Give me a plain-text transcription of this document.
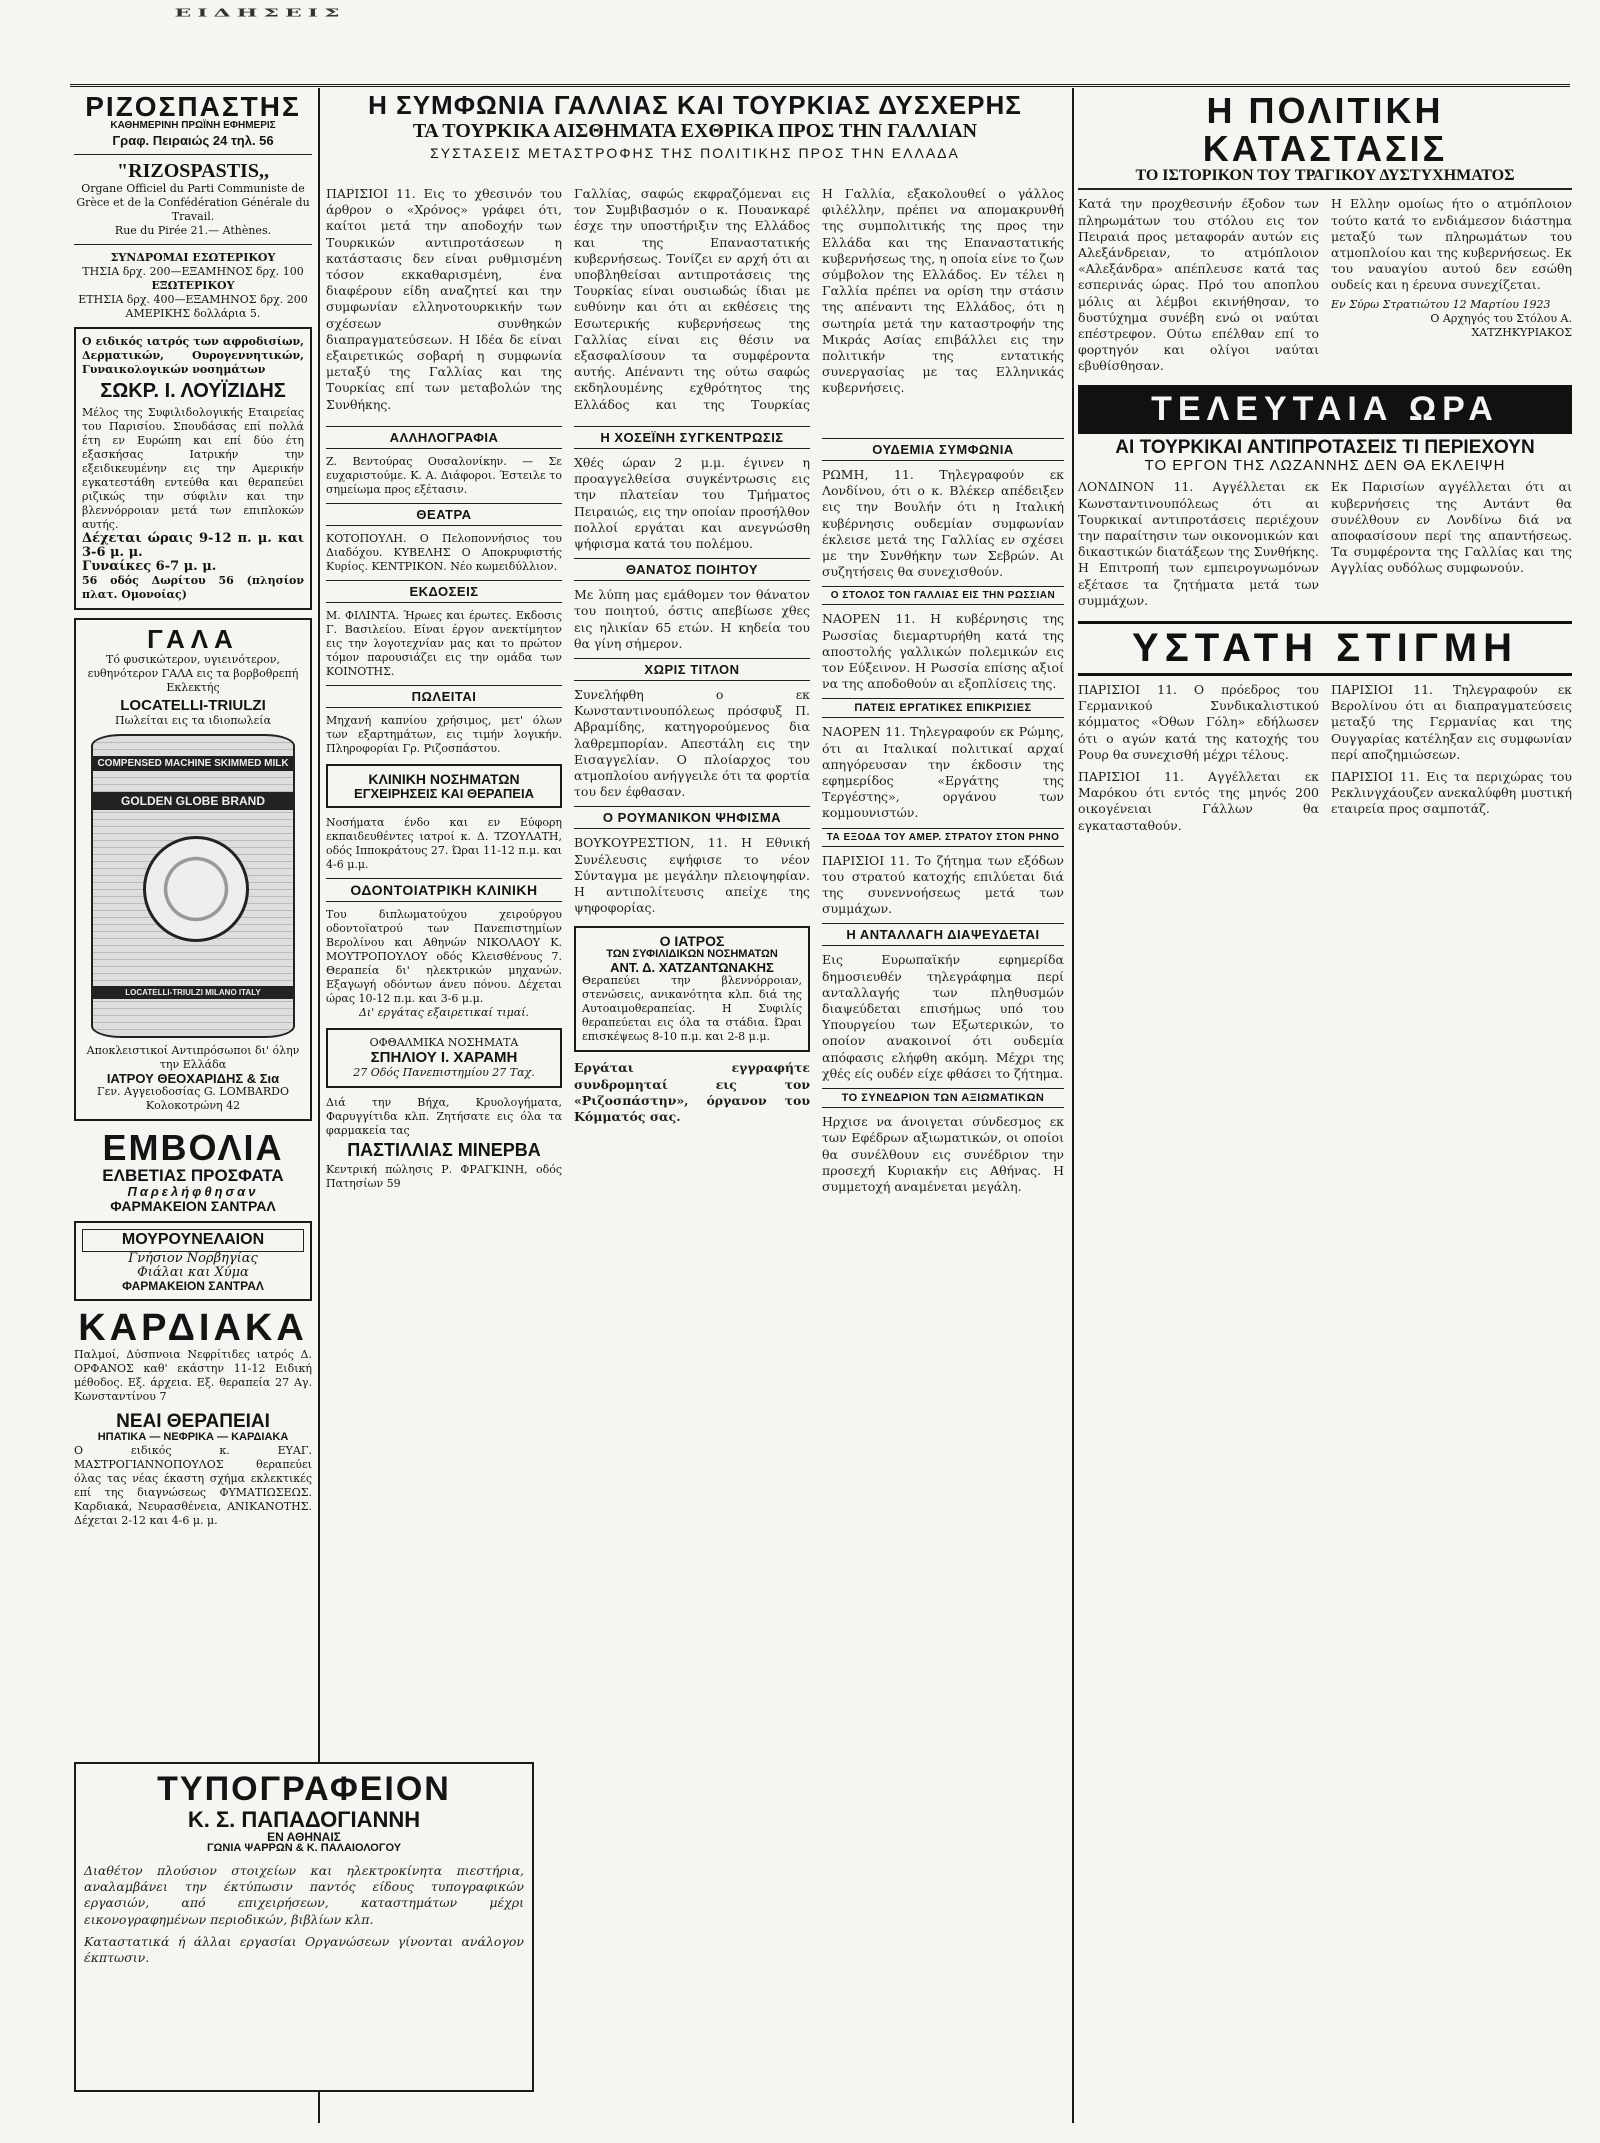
ΕΙΔΗΣΕΙΣ
ΡΙΖΟΣΠΑΣΤΗΣ
ΚΑΘΗΜΕΡΙΝΗ ΠΡΩΪΝΗ ΕΦΗΜΕΡΙΣ
Γραφ. Πειραιώς 24 τηλ. 56
"RIZOSPASTIS,,
Organe Officiel du Parti Communiste de Grèce et de la Confédération Générale du Travail.
Rue du Pirée 21.— Athènes.
ΣΥΝΔΡΟΜΑΙ ΕΣΩΤΕΡΙΚΟΥ
ΤΗΣΙΑ δρχ. 200—ΕΞΑΜΗΝΟΣ δρχ. 100
ΕΞΩΤΕΡΙΚΟΥ
ΕΤΗΣΙΑ δρχ. 400—ΕΞΑΜΗΝΟΣ δρχ. 200
ΑΜΕΡΙΚΗΣ δολλάρια 5.
Ο ειδικός ιατρός των αφροδισίων, Δερματικών, Ουρογεννητικών, Γυναικολογικών νοσημάτων
ΣΩΚΡ. Ι. ΛΟΥΪΖΙΔΗΣ
Μέλος της Συφιλιδολογικής Εταιρείας του Παρισίου. Σπουδάσας επί πολλά έτη εν Ευρώπη και επί δύο έτη εξασκήσας Ιατρικήν την εξειδικευμένην εις την Αμερικήν εγκατεστάθη εντεύθα και θεραπεύει ριζικώς την σύφιλιν και την βλεννόρροιαν μετά των επιπλοκών αυτής.
Δέχεται ώραις 9-12 π. μ. και 3-6 μ. μ.
Γυναίκες 6-7 μ. μ.
56 οδός Δωρίτου 56 (πλησίον πλατ. Ομονοίας)
ΓΑΛΑ
Τό φυσικώτερον, υγιεινότερον, ευθηνότερον ΓΑΛΑ εις τα βορβοθρεπή Εκλεκτής
LOCATELLI-TRIULZI
Πωλείται εις τα ιδιοπωλεία
COMPENSED MACHINE SKIMMED MILK
GOLDEN GLOBE BRAND
LOCATELLI-TRIULZI MILANO ITALY
Αποκλειστικοί Αντιπρόσωποι δι' όλην την Ελλάδα
ΙΑΤΡΟΥ ΘΕΟΧΑΡΙΔΗΣ & Σια
Γεν. Αγγειοδοσίας G. LOMBARDO Κολοκοτρώνη 42
ΕΜΒΟΛΙΑ
ΕΛΒΕΤΙΑΣ ΠΡΟΣΦΑΤΑ
Παρελήφθησαν
ΦΑΡΜΑΚΕΙΟΝ ΣΑΝΤΡΑΛ
ΜΟΥΡΟΥΝΕΛΑΙΟΝ
Γνήσιον Νορβηγίας
Φιάλαι και Χύμα
ΦΑΡΜΑΚΕΙΟΝ ΣΑΝΤΡΑΛ
ΚΑΡΔΙΑΚΑ
Παλμοί, Δύσπνοια Νεφρίτιδες ιατρός Δ. ΟΡΦΑΝΟΣ καθ' εκάστην 11-12 Ειδική μέθοδος. Εξ. άρχεια. Εξ. θεραπεία 27 Αγ. Κωνσταντίνου 7
ΝΕΑΙ ΘΕΡΑΠΕΙΑΙ
ΗΠΑΤΙΚΑ — ΝΕΦΡΙΚΑ — ΚΑΡΔΙΑΚΑ
Ο ειδικός κ. ΕΥΑΓ. ΜΑΣΤΡΟΓΙΑΝΝΟΠΟΥΛΟΣ θεραπεύει όλας τας νέας έκαστη σχήμα εκλεκτικές επί της διαγνώσεως ΦΥΜΑΤΙΩΣΕΩΣ. Καρδιακά, Νευρασθένεια, ΑΝΙΚΑΝΟΤΗΣ. Δέχεται 2-12 και 4-6 μ. μ.
ΤΥΠΟΓΡΑΦΕΙΟΝ
Κ. Σ. ΠΑΠΑΔΟΓΙΑΝΝΗ
ΕΝ ΑΘΗΝΑΙΣ
ΓΩΝΙΑ ΨΑΡΡΩΝ & Κ. ΠΑΛΑΙΟΛΟΓΟΥ
Διαθέτον πλούσιον στοιχείων και ηλεκτροκίνητα πιεστήρια, αναλαμβάνει την έκτύπωσιν παντός είδους τυπογραφικών εργασιών, από επιχειρήσεων, καταστημάτων μέχρι εικονογραφημένων περιοδικών, βιβλίων κλπ.
Καταστατικά ή άλλαι εργασίαι Οργανώσεων γίνονται ανάλογον έκπτωσιν.
Η ΣΥΜΦΩΝΙΑ ΓΑΛΛΙΑΣ ΚΑΙ ΤΟΥΡΚΙΑΣ ΔΥΣΧΕΡΗΣ
ΤΑ ΤΟΥΡΚΙΚΑ ΑΙΣΘΗΜΑΤΑ ΕΧΘΡΙΚΑ ΠΡΟΣ ΤΗΝ ΓΑΛΛΙΑΝ
ΣΥΣΤΑΣΕΙΣ ΜΕΤΑΣΤΡΟΦΗΣ ΤΗΣ ΠΟΛΙΤΙΚΗΣ ΠΡΟΣ ΤΗΝ ΕΛΛΑΔΑ
ΠΑΡΙΣΙΟΙ 11. Εις το χθεσινόν του άρθρον ο «Χρόνος» γράφει ότι, καίτοι μετά την αποδοχήν των Τουρκικών αντιπροτάσεων η κατάστασις δεν είναι ρυθμισμένη τόσον εκκαθαρισμένη, ένα διαφέρουν είδη αναζητεί και την συμφωνίαν ελληνοτουρκικήν των σχέσεων συνθηκών διαπραγματεύσεων. Η Ιδέα δε είναι εξαιρετικώς σοβαρή η συμφωνία μεταξύ της Γαλλίας και της Τουρκίας επί των μεταβολών της Συνθήκης.
Γαλλίας, σαφώς εκφραζόμεναι εις τον Συμβιβασμόν ο κ. Πουανκαρέ έσχε την υποστήριξιν της Ελλάδος και της Επαναστατικής κυβερνήσεως. Τονίζει εν αρχή ότι αι υποβληθείσαι αντιπροτάσεις της Τουρκίας είναι ουσιωδώς ίδιαι με ευθύνην και ότι αι εκθέσεις της Εσωτερικής κυβερνήσεως της Γαλλίας είναι εις θέσιν να εξασφαλίσουν τα συμφέροντα αυτής. Απέναντι της ούτω σαφώς εκδηλουμένης εχθρότητος της Ελλάδος και της Τουρκίας
Η Γαλλία, εξακολουθεί ο γάλλος φιλέλλην, πρέπει να απομακρυνθή της συμπολιτικής της προς την Ελλάδα και της Επαναστατικής κυβερνήσεως της, η οποία είνε το ζων σύμβολον της Ελλάδος. Εν τέλει η Γαλλία πρέπει να ορίση την στάσιν της απέναντι της Ελλάδος, ότι η σωτηρία μετά την καταστροφήν της Μικράς Ασίας επιβάλλει εις την πολιτικήν της εντατικής συνεργασίας με τας Ελληνικάς κυβερνήσεις.
ΑΛΛΗΛΟΓΡΑΦΙΑ
Ζ. Βεντούρας Ουσαλονίκην. — Σε ευχαριστούμε. Κ. Α. Διάφοροι. Έστειλε το σημείωμα προς εξέτασιν.
ΘΕΑΤΡΑ
ΚΟΤΟΠΟΥΛΗ. Ο Πελοποννήσιος του Διαδόχου. ΚΥΒΕΛΗΣ Ο Αποκρυφιστής Κυρίος. ΚΕΝΤΡΙΚΟΝ. Νέο κωμειδύλλιον.
ΕΚΔΟΣΕΙΣ
Μ. ΦΙΛΙΝΤΑ. Ήρωες και έρωτες. Εκδοσις Γ. Βασιλείου. Είναι έργον ανεκτίμητον εις την λογοτεχνίαν μας και το πρώτον τόμον παρουσιάζει εις την ομάδα των ΚΟΙΝΟΤΗΣ.
ΠΩΛΕΙΤΑΙ
Μηχανή καπνίου χρήσιμος, μετ' όλων των εξαρτημάτων, εις τιμήν λογικήν. Πληροφορίαι Γρ. Ριζοσπάστου.
ΚΛΙΝΙΚΗ ΝΟΣΗΜΑΤΩΝ
ΕΓΧΕΙΡΗΣΕΙΣ ΚΑΙ ΘΕΡΑΠΕΙΑ
Νοσήματα ένδο και εν Εύφορη εκπαιδευθέντες ιατροί κ. Δ. ΤΖΟΥΛΑΤΗ, οδός Ιπποκράτους 27. Ώραι 11-12 π.μ. και 4-6 μ.μ.
ΟΔΟΝΤΟΙΑΤΡΙΚΗ ΚΛΙΝΙΚΗ
Του διπλωματούχου χειρούργου οδοντοϊατρού των Πανεπιστημίων Βερολίνου και Αθηνών ΝΙΚΟΛΑΟΥ Κ. ΜΟΥΤΡΟΠΟΥΛΟΥ οδός Κλεισθένους 7. Θεραπεία δι' ηλεκτρικών μηχανών. Εξαγωγή οδόντων άνευ πόνου. Δέχεται ώρας 10-12 π.μ. και 3-6 μ.μ.
Δι' εργάτας εξαιρετικαί τιμαί.
ΟΦΘΑΛΜΙΚΑ ΝΟΣΗΜΑΤΑ
ΣΠΗΛΙΟΥ Ι. ΧΑΡΑΜΗ
27 Οδός Πανεπιστημίου 27 Ταχ.
Διά την Βήχα, Κρυολογήματα, Φαρυγγίτιδα κλπ. Ζητήσατε εις όλα τα φαρμακεία τας
ΠΑΣΤΙΛΛΙΑΣ ΜΙΝΕΡΒΑ
Κεντρική πώλησις Ρ. ΦΡΑΓΚΙΝΗ, οδός Πατησίων 59
Η ΧΟΣΕΪΝΗ ΣΥΓΚΕΝΤΡΩΣΙΣ
Χθές ώραν 2 μ.μ. έγινεν η προαγγελθείσα συγκέντρωσις εις την πλατείαν του Τμήματος Πειραιώς, εις την οποίαν προσήλθον πολλοί εργάται και ανεγνώσθη ψήφισμα κατά του πολέμου.
ΘΑΝΑΤΟΣ ΠΟΙΗΤΟΥ
Με λύπη μας εμάθομεν τον θάνατον του ποιητού, όστις απεβίωσε χθες εις ηλικίαν 65 ετών. Η κηδεία του θα γίνη σήμερον.
ΧΩΡΙΣ ΤΙΤΛΟΝ
Συνελήφθη ο εκ Κωνσταντινουπόλεως πρόσφυξ Π. Αβραμίδης, κατηγορούμενος δια λαθρεμπορίαν. Απεστάλη εις την Εισαγγελίαν. Ο πλοίαρχος του ατμοπλοίου ανήγγειλε ότι τα φορτία του δεν έφθασαν.
Ο ΡΟΥΜΑΝΙΚΟΝ ΨΗΦΙΣΜΑ
ΒΟΥΚΟΥΡΕΣΤΙΟΝ, 11. Η Εθνική Συνέλευσις εψήφισε το νέον Σύνταγμα με μεγάλην πλειοψηφίαν. Η αντιπολίτευσις απείχε της ψηφοφορίας.
Ο ΙΑΤΡΟΣ
ΤΩΝ ΣΥΦΙΛΙΔΙΚΩΝ ΝΟΣΗΜΑΤΩΝ
ΑΝΤ. Δ. ΧΑΤΖΑΝΤΩΝΑΚΗΣ
Θεραπεύει την βλεννόρροιαν, στενώσεις, ανικανότητα κλπ. διά της Αυτοαιμοθεραπείας. Η Συφιλίς θεραπεύεται εις όλα τα στάδια. Ώραι επισκέψεως 8-10 π.μ. και 2-8 μ.μ.
Εργάται εγγραφήτε συνδρομηταί εις τον «Ριζοσπάστην», όργανον του Κόμματός σας.
ΟΥΔΕΜΙΑ ΣΥΜΦΩΝΙΑ
ΡΩΜΗ, 11. Τηλεγραφούν εκ Λονδίνου, ότι ο κ. Βλέκερ απέδειξεν εις την Βουλήν ότι η Ιταλική κυβέρνησις ουδεμίαν συμφωνίαν έκλεισε μετά της Γαλλίας εν σχέσει με την Συνθήκην των Σεβρών. Αι συζητήσεις θα συνεχισθούν.
Ο ΣΤΟΛΟΣ ΤΟΝ ΓΑΛΛΙΑΣ ΕΙΣ ΤΗΝ ΡΩΣΣΙΑΝ
ΝΑΟΡΕΝ 11. Η κυβέρνησις της Ρωσσίας διεμαρτυρήθη κατά της αποστολής γαλλικών πολεμικών εις τον Εύξεινον. Η Ρωσσία επίσης αξιοί να της αποδοθούν αι εξοπλίσεις της.
ΠΑΤΕΙΣ ΕΡΓΑΤΙΚΕΣ ΕΠΙΚΡΙΣΙΕΣ
ΝΑΟΡΕΝ 11. Τηλεγραφούν εκ Ρώμης, ότι αι Ιταλικαί πολιτικαί αρχαί απηγόρευσαν την έκδοσιν της εφημερίδος «Εργάτης της Τεργέστης», οργάνου των κομμουνιστών.
ΤΑ ΕΞΟΔΑ ΤΟΥ ΑΜΕΡ. ΣΤΡΑΤΟΥ ΣΤΟΝ ΡΗΝΟ
ΠΑΡΙΣΙΟΙ 11. Το ζήτημα των εξόδων του στρατού κατοχής επιλύεται διά της συνεννοήσεως μετά των συμμάχων.
Η ΑΝΤΑΛΛΑΓΗ ΔΙΑΨΕΥΔΕΤΑΙ
Εις Ευρωπαϊκήν εφημερίδα δημοσιευθέν τηλεγράφημα περί ανταλλαγής των πληθυσμών διαψεύδεται επισήμως υπό του Υπουργείου των Εξωτερικών, το οποίον ανακοινοί ότι ουδεμία απόφασις ελήφθη ακόμη. Μέχρι της χθές είς ουδέν είχε φθάσει το ζήτημα.
ΤΟ ΣΥΝΕΔΡΙΟΝ ΤΩΝ ΑΞΙΩΜΑΤΙΚΩΝ
Ηρχισε να άνοιγεται σύνδεσμος εκ των Εφέδρων αξιωματικών, οι οποίοι θα συνέλθουν εις συνέδριον την προσεχή Κυριακήν εις Αθήνας. Η συμμετοχή αναμένεται μεγάλη.
Η ΠΟΛΙΤΙΚΗ ΚΑΤΑΣΤΑΣΙΣ
ΤΟ ΙΣΤΟΡΙΚΟΝ ΤΟΥ ΤΡΑΓΙΚΟΥ ΔΥΣΤΥΧΗΜΑΤΟΣ
Κατά την προχθεσινήν έξοδον των πληρωμάτων του στόλου εις τον Πειραιά προς μεταφοράν αυτών εις Αλεξάνδρειαν, το ατμόπλοιον «Αλεξάνδρα» απέπλευσε κατά τας εσπερινάς ώρας. Πρό του αποπλου μόλις αι λέμβοι εκινήθησαν, το δυστύχημα συνέβη ενώ οι ναύται επέστρεφον. Ούτω επέλθαν επί το φορτηγόν και ολίγοι ναύται εβυθίσθησαν.
Η Ελλην ομοίως ήτο ο ατμόπλοιον τούτο κατά το ενδιάμεσον διάστημα μεταξύ των πληρωμάτων του ατμοπλοίου και της κυβερνήσεως. Εκ του ναυαγίου αυτού δεν εσώθη ουδείς και η έρευνα συνεχίζεται.
Εν Σύρω Στρατιώτου 12 Μαρτίου 1923
Ο Αρχηγός του Στόλου Α. ΧΑΤΖΗΚΥΡΙΑΚΟΣ
ΤΕΛΕΥΤΑΙΑ ΩΡΑ
ΑΙ ΤΟΥΡΚΙΚΑΙ ΑΝΤΙΠΡΟΤΑΣΕΙΣ ΤΙ ΠΕΡΙΕΧΟΥΝ
ΤΟ ΕΡΓΟΝ ΤΗΣ ΛΩΖΑΝΝΗΣ ΔΕΝ ΘΑ ΕΚΛΕΙΨΗ
ΛΟΝΔΙΝΟΝ 11. Αγγέλλεται εκ Κωνσταντινουπόλεως ότι αι Τουρκικαί αντιπροτάσεις περιέχουν την παραίτησιν των οικονομικών και δικαστικών διατάξεων της Συνθήκης. Η Επιτροπή των εμπειρογνωμόνων εξέτασε τα ζητήματα μετά των συμμάχων.
Εκ Παρισίων αγγέλλεται ότι αι κυβερνήσεις της Αντάντ θα συνέλθουν εν Λονδίνω διά να αποφασίσουν περί της απαντήσεως. Τα συμφέροντα της Γαλλίας και της Αγγλίας ουδόλως συμφωνούν.
ΥΣΤΑΤΗ ΣΤΙΓΜΗ
ΠΑΡΙΣΙΟΙ 11. Ο πρόεδρος του Γερμανικού Συνδικαλιστικού κόμματος «Όθων Γόλη» εδήλωσεν ότι ο αγών κατά της κατοχής του Ρουρ θα συνεχισθή μέχρι τέλους.
ΠΑΡΙΣΙΟΙ 11. Αγγέλλεται εκ Μαρόκου ότι εντός της μηνός 200 οικογένειαι Γάλλων θα εγκατασταθούν.
ΠΑΡΙΣΙΟΙ 11. Τηλεγραφούν εκ Βερολίνου ότι αι διαπραγματεύσεις μεταξύ της Γερμανίας και της Ουγγαρίας κατέληξαν εις συμφωνίαν περί αποζημιώσεων.
ΠΑΡΙΣΙΟΙ 11. Εις τα περιχώρας του Ρεκλινγχάουζεν ανεκαλύφθη μυστική εταιρεία προς σαμποτάζ.
